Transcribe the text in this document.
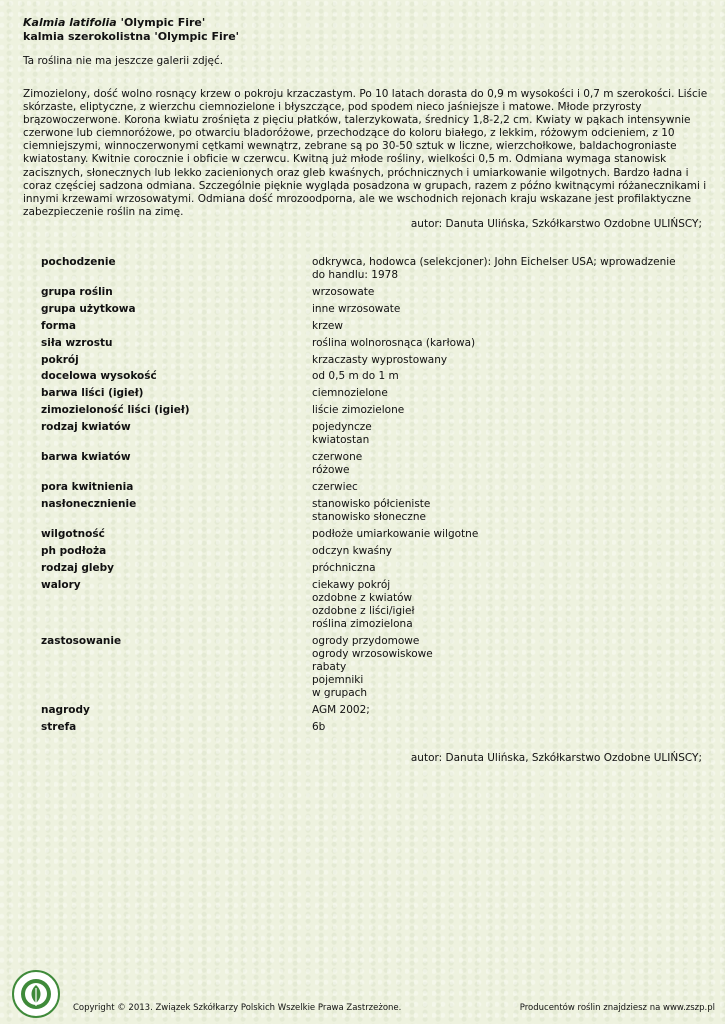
Kalmia latifolia 'Olympic Fire'
kalmia szerokolistna 'Olympic Fire'
Ta roślina nie ma jeszcze galerii zdjęć.
Zimozielony, dość wolno rosnący krzew o pokroju krzaczastym. Po 10 latach dorasta do 0,9 m wysokości i 0,7 m szerokości. Liście skórzaste, eliptyczne, z wierzchu ciemnozielone i błyszczące, pod spodem nieco jaśniejsze i matowe. Młode przyrosty brązowoczerwone. Korona kwiatu zrośnięta z pięciu płatków, talerzykowata, średnicy 1,8-2,2 cm. Kwiaty w pąkach intensywnie czerwone lub ciemnoróżowe, po otwarciu bladoróżowe, przechodzące do koloru białego, z lekkim, różowym odcieniem, z 10 ciemniejszymi, winnoczerwonymi cętkami wewnątrz, zebrane są po 30-50 sztuk w liczne, wierzchołkowe, baldachogroniaste kwiatostany. Kwitnie corocznie i obficie w czerwcu. Kwitną już młode rośliny, wielkości 0,5 m. Odmiana wymaga stanowisk zacisznych, słonecznych lub lekko zacienionych oraz gleb kwaśnych, próchnicznych i umiarkowanie wilgotnych. Bardzo ładna i coraz częściej sadzona odmiana. Szczególnie pięknie wygląda posadzona w grupach, razem z późno kwitnącymi różanecznikami i innymi krzewami wrzosowatymi. Odmiana dość mrozoodporna, ale we wschodnich rejonach kraju wskazane jest profilaktyczne zabezpieczenie roślin na zimę.
autor: Danuta Ulińska, Szkółkarstwo Ozdobne ULIŃSCY;
pochodzenie	odkrywca, hodowca (selekcjoner): John Eichelser USA; wprowadzenie do handlu: 1978
grupa roślin	wrzosowate
grupa użytkowa	inne wrzosowate
forma	krzew
siła wzrostu	roślina wolnorosnąca (karłowa)
pokrój	krzaczasty wyprostowany
docelowa wysokość	od 0,5 m do 1 m
barwa liści (igieł)	ciemnozielone
zimozieloność liści (igieł)	liście zimozielone
rodzaj kwiatów	pojedyncze
kwiatostan
barwa kwiatów	czerwone
różowe
pora kwitnienia	czerwiec
nasłonecznienie	stanowisko półcieniste
stanowisko słoneczne
wilgotność	podłoże umiarkowanie wilgotne
ph podłoża	odczyn kwaśny
rodzaj gleby	próchniczna
walory	ciekawy pokrój
ozdobne z kwiatów
ozdobne z liści/igieł
roślina zimozielona
zastosowanie	ogrody przydomowe
ogrody wrzosowiskowe
rabaty
pojemniki
w grupach
nagrody	AGM 2002;
strefa	6b
autor: Danuta Ulińska, Szkółkarstwo Ozdobne ULIŃSCY;
Copyright © 2013. Związek Szkółkarzy Polskich Wszelkie Prawa Zastrzeżone.	Producentów roślin znajdziesz na www.zszp.pl
